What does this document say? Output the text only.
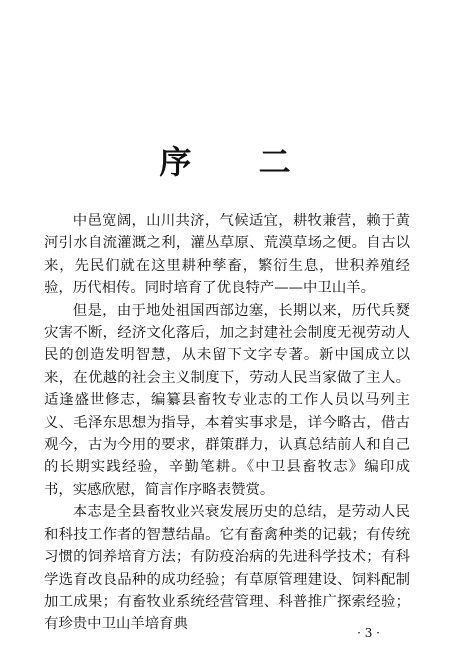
序 二

中邑宽阔，山川共济，气候适宜，耕牧兼营，赖于黄河引水自流灌溉之利，灌丛草原、荒漠草场之便。自古以来，先民们就在这里耕种孳畜，繁衍生息，世积养殖经验，历代相传。同时培育了优良特产——中卫山羊。

但是，由于地处祖国西部边塞，长期以来，历代兵燹灾害不断，经济文化落后，加之封建社会制度无视劳动人民的创造发明智慧，从未留下文字专著。新中国成立以来，在优越的社会主义制度下，劳动人民当家做了主人。适逢盛世修志，编纂县畜牧专业志的工作人员以马列主义、毛泽东思想为指导，本着实事求是，详今略古，借古观今，古为今用的要求，群策群力，认真总结前人和自己的长期实践经验，辛勤笔耕。《中卫县畜牧志》编印成书，实感欣慰，简言作序略表赞赏。

本志是全县畜牧业兴衰发展历史的总结，是劳动人民和科技工作者的智慧结晶。它有畜禽种类的记载；有传统习惯的饲养培育方法；有防疫治病的先进科学技术；有科学选育改良品种的成功经验；有草原管理建设、饲料配制加工成果；有畜牧业系统经营管理、科普推广探索经验；有珍贵中卫山羊培育典

· 3 ·
